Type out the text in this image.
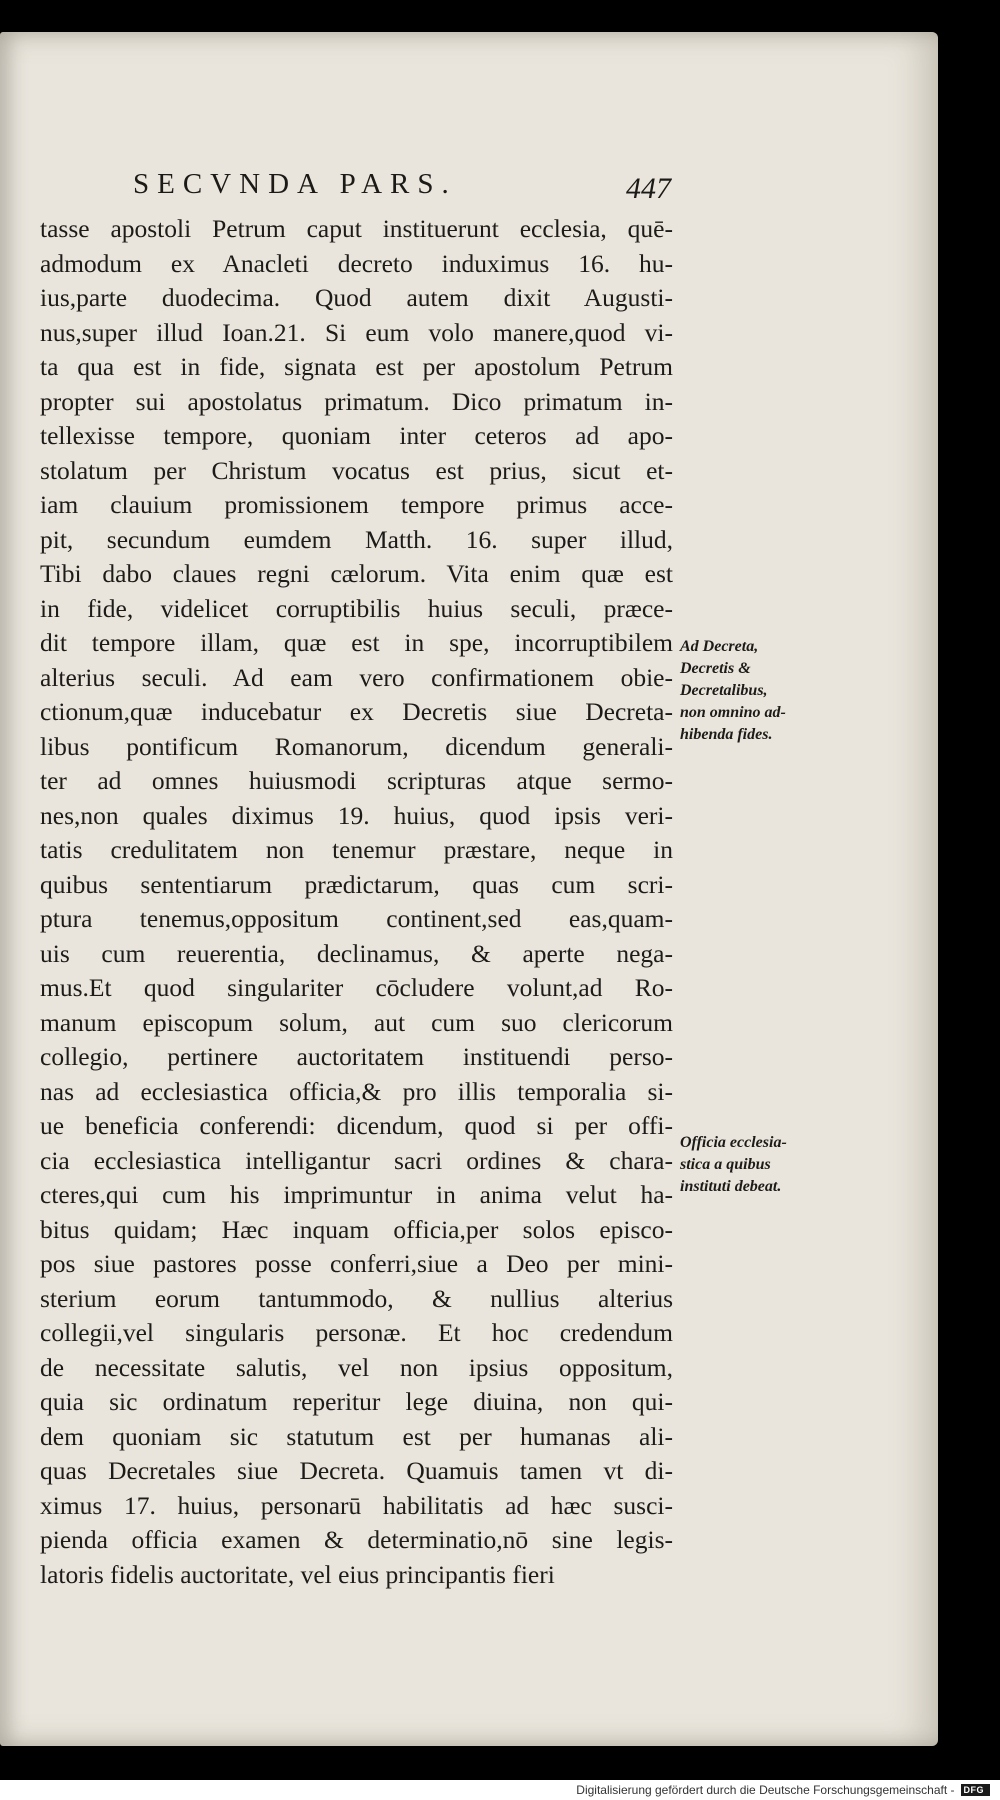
SECVNDA PARS.	447
tasse apostoli Petrum caput instituerunt ecclesia, quē-
admodum ex Anacleti decreto induximus 16. hu-
ius,parte duodecima. Quod autem dixit Augusti-
nus,super illud Ioan.21. Si eum volo manere,quod vi-
ta qua est in fide, signata est per apostolum Petrum
propter sui apostolatus primatum. Dico primatum in-
tellexisse tempore, quoniam inter ceteros ad apo-
stolatum per Christum vocatus est prius, sicut et-
iam clauium promissionem tempore primus acce-
pit, secundum eumdem Matth. 16. super illud,
Tibi dabo claues regni cælorum. Vita enim quæ est
in fide, videlicet corruptibilis huius seculi, præce-
dit tempore illam, quæ est in spe, incorruptibilem
alterius seculi. Ad eam vero confirmationem obie-
ctionum,quæ inducebatur ex Decretis siue Decreta-
libus pontificum Romanorum, dicendum generali-
ter ad omnes huiusmodi scripturas atque sermo-
nes,non quales diximus 19. huius, quod ipsis veri-
tatis credulitatem non tenemur præstare, neque in
quibus sententiarum prædictarum, quas cum scri-
ptura tenemus,oppositum continent,sed eas,quam-
uis cum reuerentia, declinamus, & aperte nega-
mus.Et quod singulariter cōcludere volunt,ad Ro-
manum episcopum solum, aut cum suo clericorum
collegio, pertinere auctoritatem instituendi perso-
nas ad ecclesiastica officia,& pro illis temporalia si-
ue beneficia conferendi: dicendum, quod si per offi-
cia ecclesiastica intelligantur sacri ordines & chara-
cteres,qui cum his imprimuntur in anima velut ha-
bitus quidam; Hæc inquam officia,per solos episco-
pos siue pastores posse conferri,siue a Deo per mini-
sterium eorum tantummodo, & nullius alterius
collegii,vel singularis personæ. Et hoc credendum
de necessitate salutis, vel non ipsius oppositum,
quia sic ordinatum reperitur lege diuina, non qui-
dem quoniam sic statutum est per humanas ali-
quas Decretales siue Decreta. Quamuis tamen vt di-
ximus 17. huius, personarū habilitatis ad hæc susci-
pienda officia examen & determinatio,nō sine legis-
latoris fidelis auctoritate, vel eius principantis fieri
Ad Decreta,
Decretis &
Decretalibus,
non omnino ad-
hibenda fides.
Officia ecclesia-
stica a quibus
instituti debeat.
Digitalisierung gefördert durch die Deutsche Forschungsgemeinschaft -	DFG
